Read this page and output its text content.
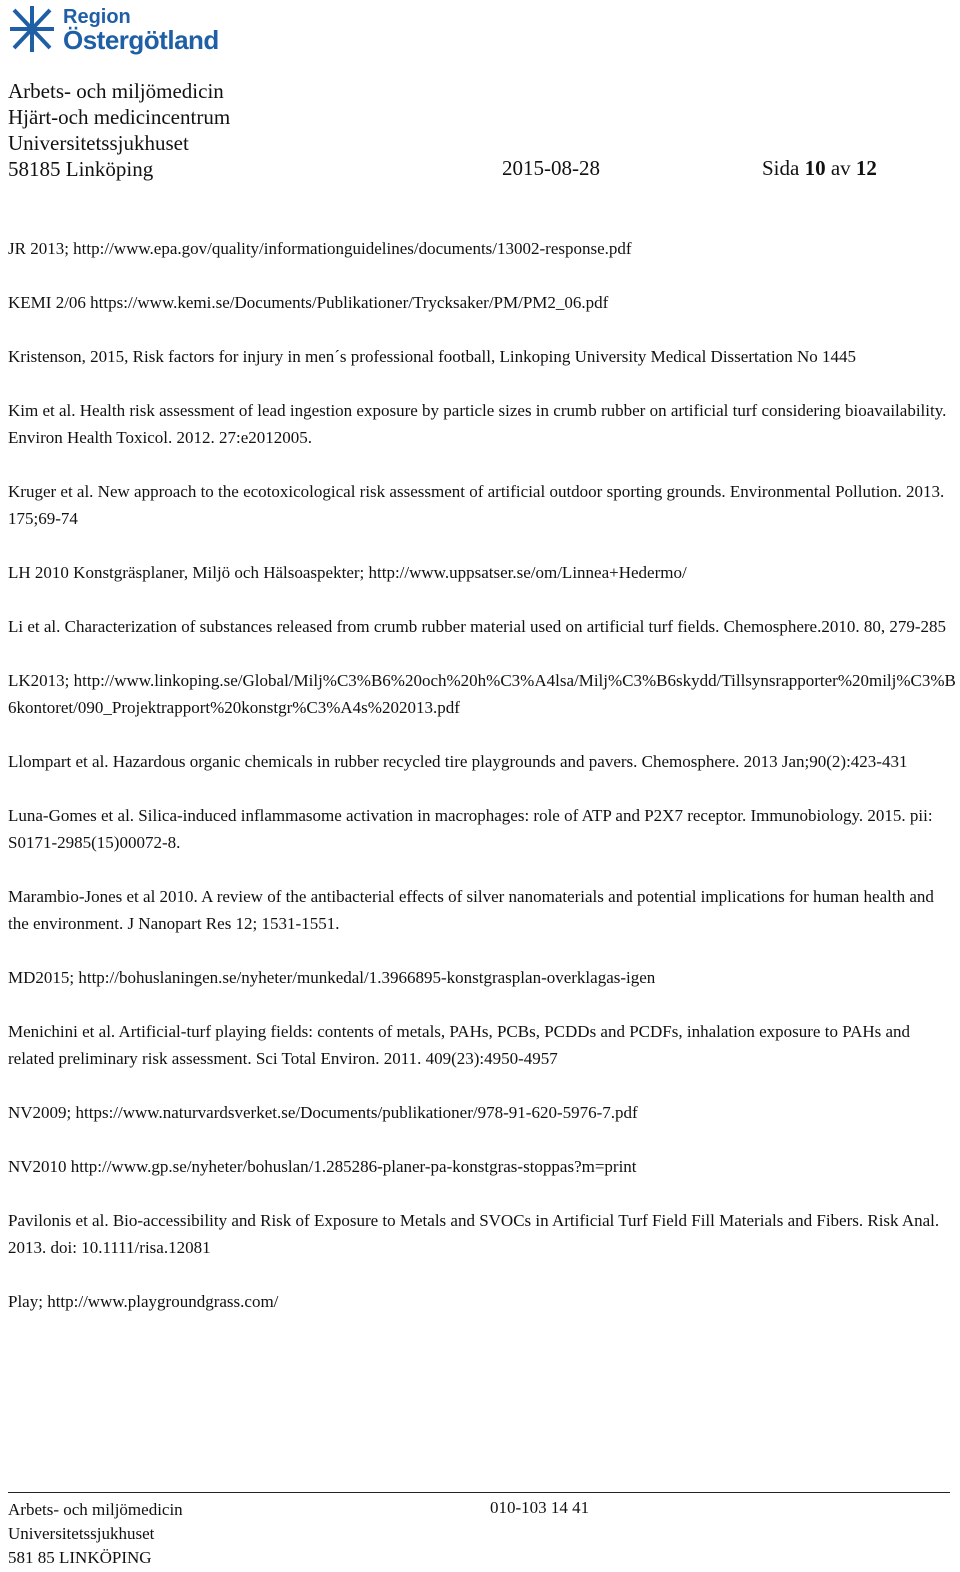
Region
Östergötland
Arbets- och miljömedicin
Hjärt-och medicincentrum
Universitetssjukhuset
58185 Linköping	2015-08-28	Sida 10 av 12

JR 2013; http://www.epa.gov/quality/informationguidelines/documents/13002-response.pdf

KEMI 2/06 https://www.kemi.se/Documents/Publikationer/Trycksaker/PM/PM2_06.pdf

Kristenson, 2015, Risk factors for injury in men´s professional football, Linkoping University Medical Dissertation No 1445

Kim et al. Health risk assessment of lead ingestion exposure by particle sizes in crumb rubber on artificial turf considering bioavailability. Environ Health Toxicol. 2012. 27:e2012005.

Kruger et al. New approach to the ecotoxicological risk assessment of artificial outdoor sporting grounds. Environmental Pollution. 2013. 175;69-74

LH 2010 Konstgräsplaner, Miljö och Hälsoaspekter; http://www.uppsatser.se/om/Linnea+Hedermo/

Li et al. Characterization of substances released from crumb rubber material used on artificial turf fields. Chemosphere.2010. 80, 279-285

LK2013; http://www.linkoping.se/Global/Milj%C3%B6%20och%20h%C3%A4lsa/Milj%C3%B6skydd/Tillsynsrapporter%20milj%C3%B6kontoret/090_Projektrapport%20konstgr%C3%A4s%202013.pdf

Llompart et al. Hazardous organic chemicals in rubber recycled tire playgrounds and pavers. Chemosphere. 2013 Jan;90(2):423-431

Luna-Gomes et al. Silica-induced inflammasome activation in macrophages: role of ATP and P2X7 receptor. Immunobiology. 2015. pii: S0171-2985(15)00072-8.

Marambio-Jones et al 2010. A review of the antibacterial effects of silver nanomaterials and potential implications for human health and the environment. J Nanopart Res 12; 1531-1551.

MD2015; http://bohuslaningen.se/nyheter/munkedal/1.3966895-konstgrasplan-overklagas-igen

Menichini et al. Artificial-turf playing fields: contents of metals, PAHs, PCBs, PCDDs and PCDFs, inhalation exposure to PAHs and related preliminary risk assessment. Sci Total Environ. 2011. 409(23):4950-4957

NV2009; https://www.naturvardsverket.se/Documents/publikationer/978-91-620-5976-7.pdf

NV2010 http://www.gp.se/nyheter/bohuslan/1.285286-planer-pa-konstgras-stoppas?m=print

Pavilonis et al. Bio-accessibility and Risk of Exposure to Metals and SVOCs in Artificial Turf Field Fill Materials and Fibers. Risk Anal. 2013. doi: 10.1111/risa.12081

Play; http://www.playgroundgrass.com/

Arbets- och miljömedicin
Universitetssjukhuset
581 85 LINKÖPING
010-103 14 41
